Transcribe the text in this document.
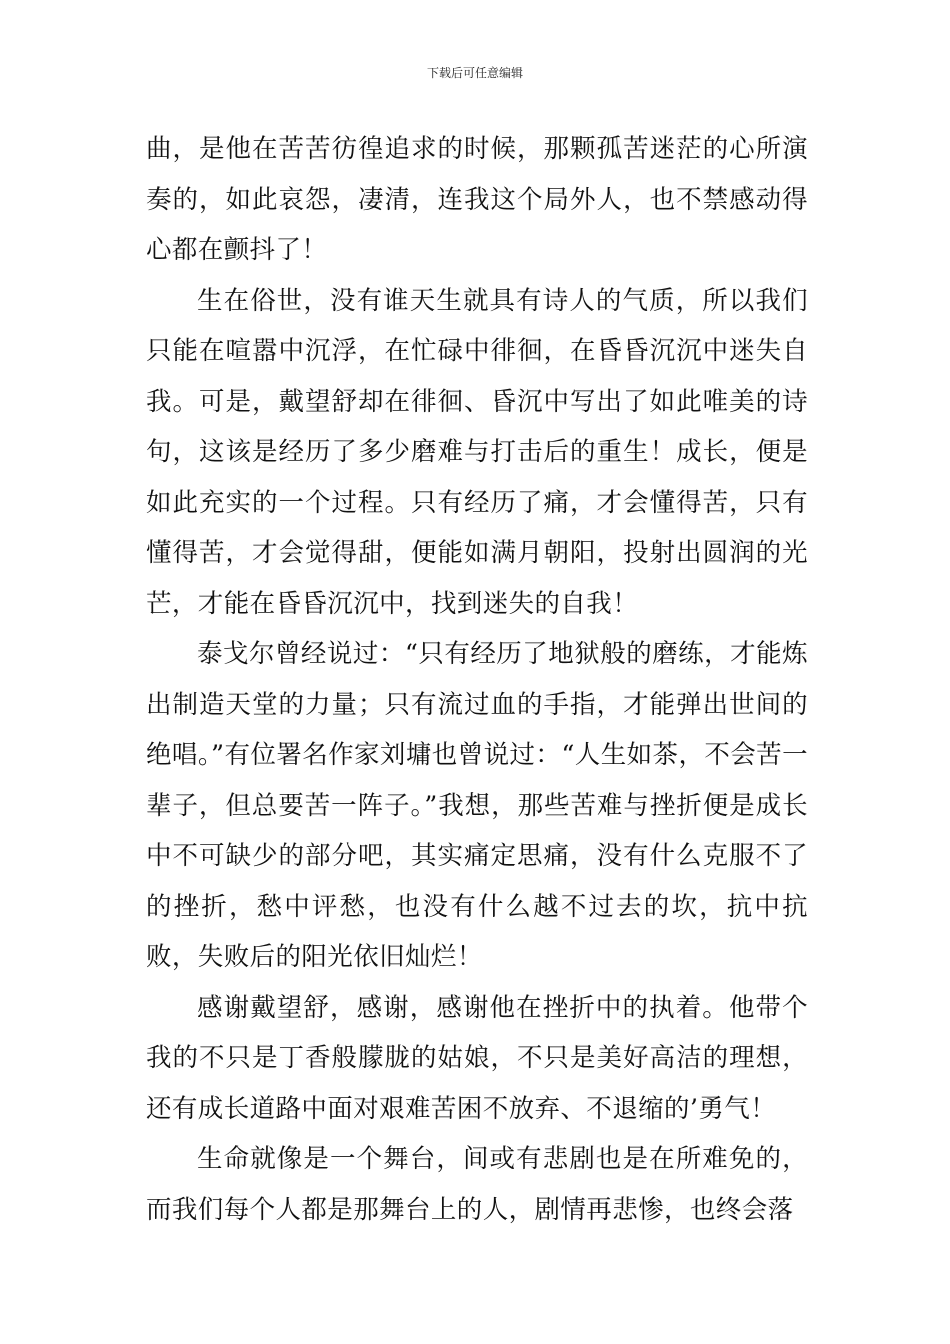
下载后可任意编辑

曲，是他在苦苦彷徨追求的时候，那颗孤苦迷茫的心所演奏的，如此哀怨，凄清，连我这个局外人，也不禁感动得心都在颤抖了！

生在俗世，没有谁天生就具有诗人的气质，所以我们只能在喧嚣中沉浮，在忙碌中徘徊，在昏昏沉沉中迷失自我。可是，戴望舒却在徘徊、昏沉中写出了如此唯美的诗句，这该是经历了多少磨难与打击后的重生！成长，便是如此充实的一个过程。只有经历了痛，才会懂得苦，只有懂得苦，才会觉得甜，便能如满月朝阳，投射出圆润的光芒，才能在昏昏沉沉中，找到迷失的自我！

泰戈尔曾经说过：“只有经历了地狱般的磨练，才能炼出制造天堂的力量；只有流过血的手指，才能弹出世间的绝唱。”有位署名作家刘墉也曾说过：“人生如茶，不会苦一辈子，但总要苦一阵子。”我想，那些苦难与挫折便是成长中不可缺少的部分吧，其实痛定思痛，没有什么克服不了的挫折，愁中评愁，也没有什么越不过去的坎，抗中抗败，失败后的阳光依旧灿烂！

感谢戴望舒，感谢，感谢他在挫折中的执着。他带个我的不只是丁香般朦胧的姑娘，不只是美好高洁的理想，还有成长道路中面对艰难苦困不放弃、不退缩的’勇气！

生命就像是一个舞台，间或有悲剧也是在所难免的，而我们每个人都是那舞台上的人，剧情再悲惨，也终会落
